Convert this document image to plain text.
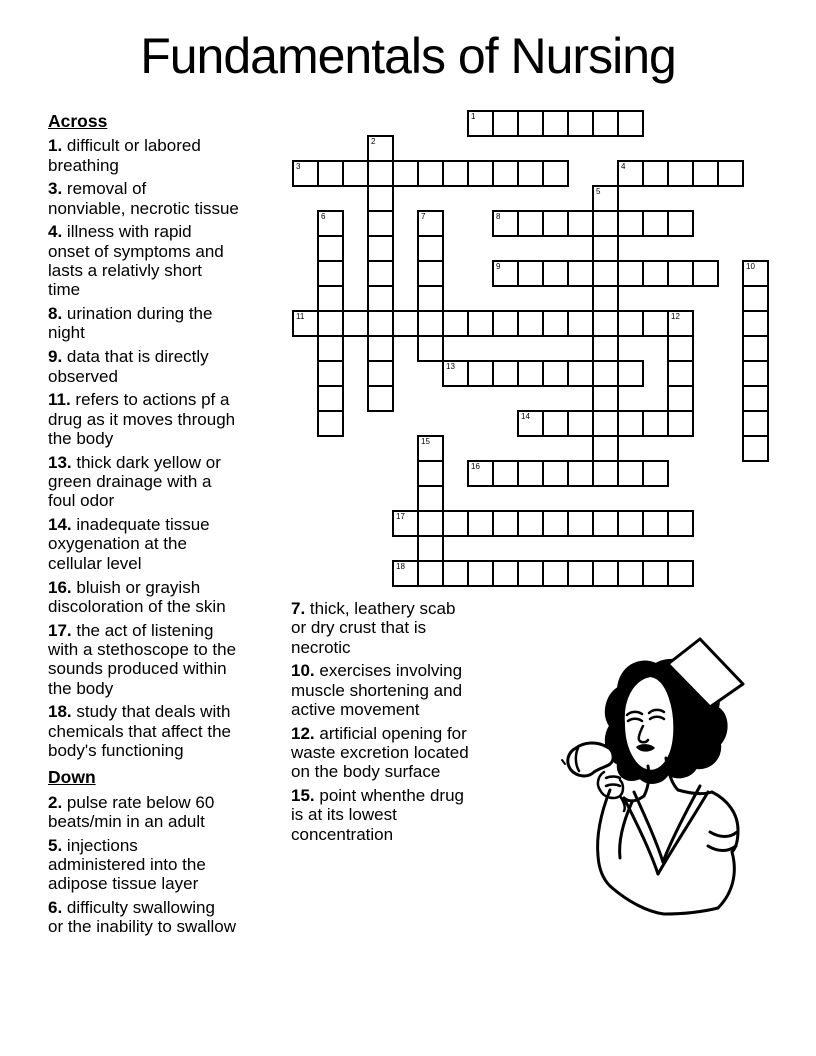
Fundamentals of Nursing
Across

1. difficult or labored
breathing

3. removal of
nonviable, necrotic tissue

4. illness with rapid
onset of symptoms and
lasts a relativly short
time

8. urination during the
night

9. data that is directly
observed

11. refers to actions pf a
drug as it moves through
the body

13. thick dark yellow or
green drainage with a
foul odor

14. inadequate tissue
oxygenation at the
cellular level

16. bluish or grayish
discoloration of the skin

17. the act of listening
with a stethoscope to the
sounds produced within
the body

18. study that deals with
chemicals that affect the
body's functioning

Down

2. pulse rate below 60
beats/min in an adult

5. injections
administered into the
adipose tissue layer

6. difficulty swallowing
or the inability to swallow

7. thick, leathery scab
or dry crust that is
necrotic

10. exercises involving
muscle shortening and
active movement

12. artificial opening for
waste excretion located
on the body surface

15. point whenthe drug
is at its lowest
concentration

1
3	4
8
9
11	12
13
14
16
17
18
2
5
6	7
10
15
